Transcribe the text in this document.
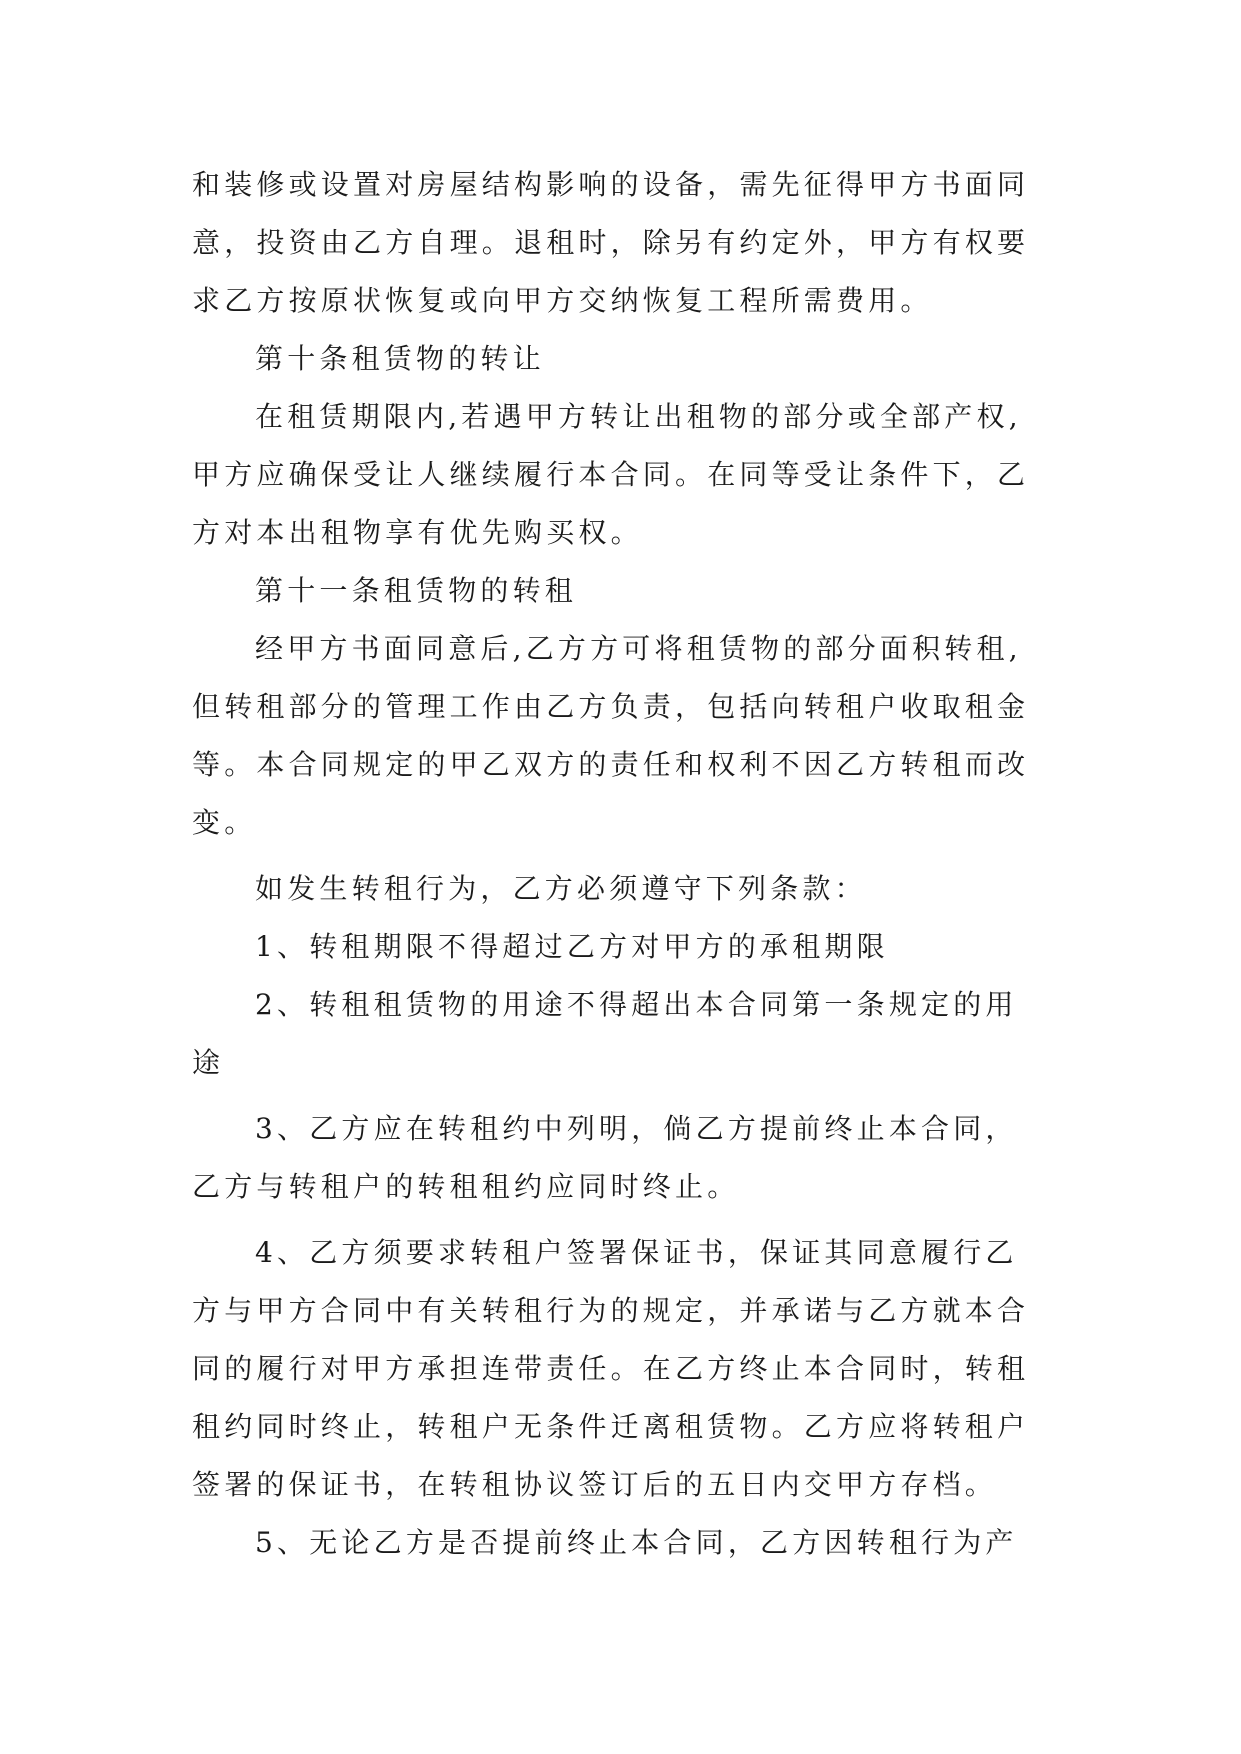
和装修或设置对房屋结构影响的设备，需先征得甲方书面同
意，投资由乙方自理。退租时，除另有约定外，甲方有权要
求乙方按原状恢复或向甲方交纳恢复工程所需费用。
第十条租赁物的转让
在租赁期限内,若遇甲方转让出租物的部分或全部产权,
甲方应确保受让人继续履行本合同。在同等受让条件下，乙
方对本出租物享有优先购买权。
第十一条租赁物的转租
经甲方书面同意后,乙方方可将租赁物的部分面积转租,
但转租部分的管理工作由乙方负责，包括向转租户收取租金
等。本合同规定的甲乙双方的责任和权利不因乙方转租而改
变。
如发生转租行为，乙方必须遵守下列条款：
1、转租期限不得超过乙方对甲方的承租期限
2、转租租赁物的用途不得超出本合同第一条规定的用
途
3、乙方应在转租约中列明，倘乙方提前终止本合同，
乙方与转租户的转租租约应同时终止。
4、乙方须要求转租户签署保证书，保证其同意履行乙
方与甲方合同中有关转租行为的规定，并承诺与乙方就本合
同的履行对甲方承担连带责任。在乙方终止本合同时，转租
租约同时终止，转租户无条件迁离租赁物。乙方应将转租户
签署的保证书，在转租协议签订后的五日内交甲方存档。
5、无论乙方是否提前终止本合同，乙方因转租行为产
